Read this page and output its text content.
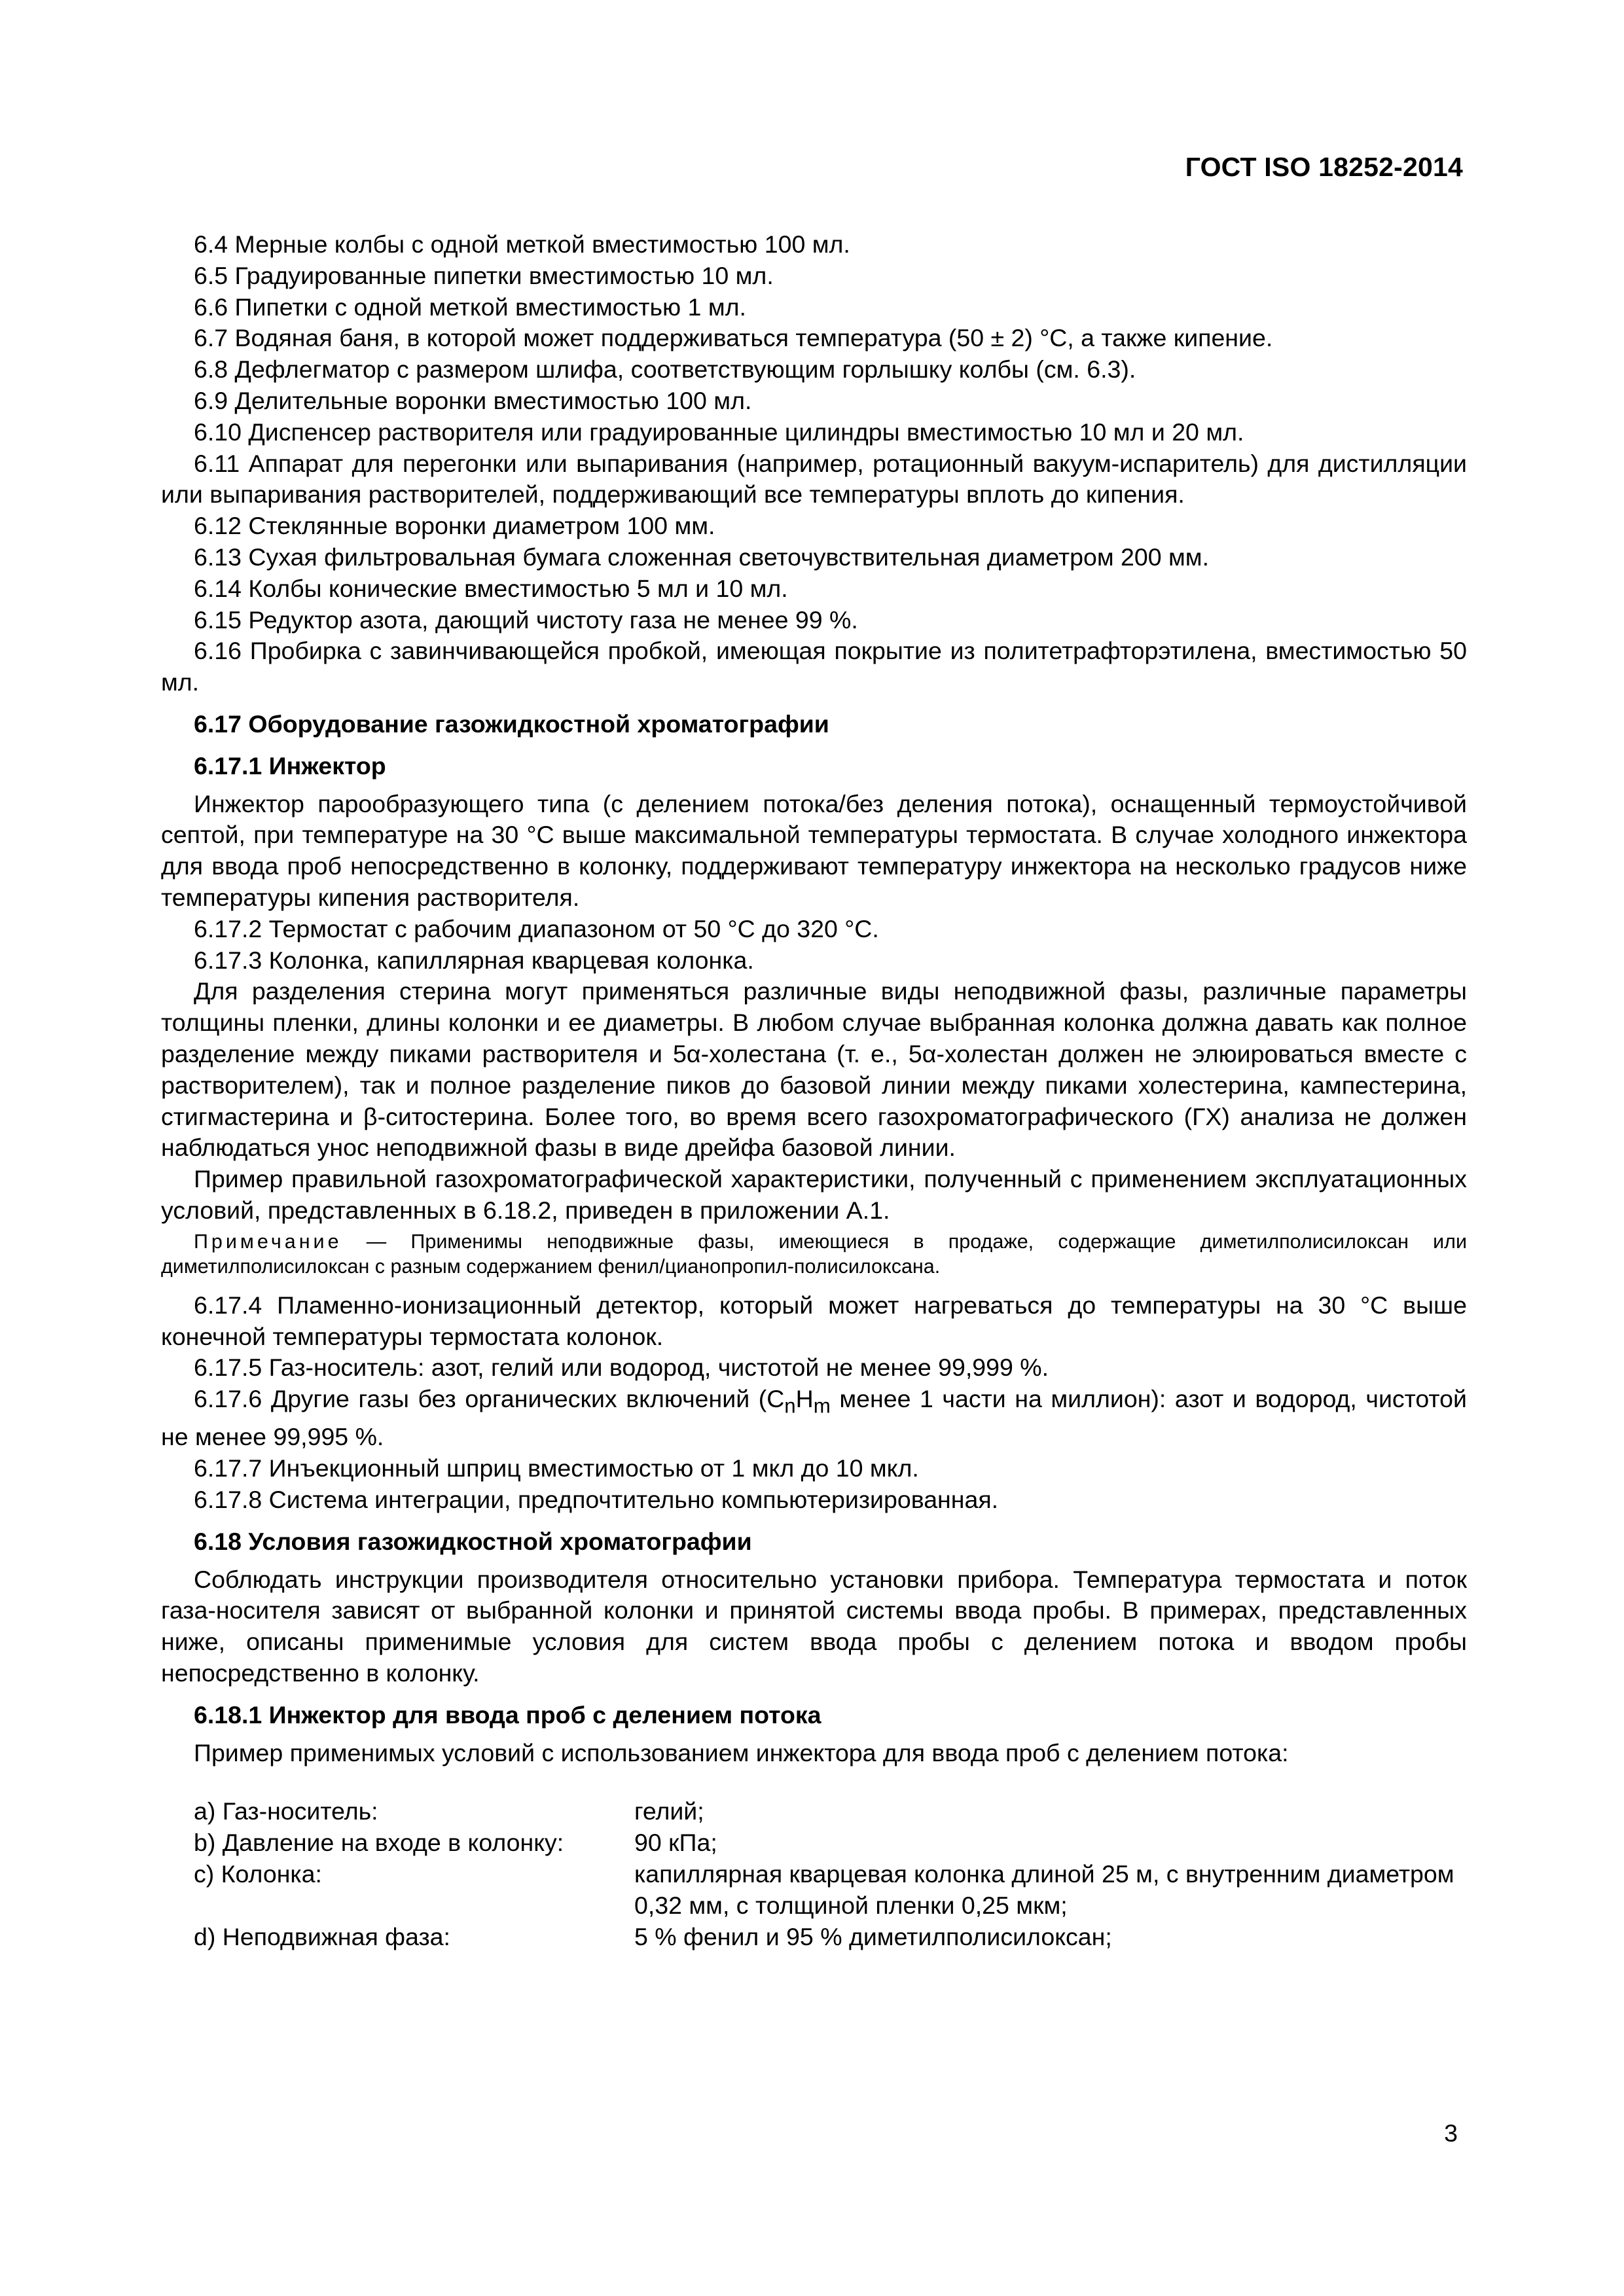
ГОСТ ISO 18252-2014

6.4 Мерные колбы с одной меткой вместимостью 100 мл.

6.5 Градуированные пипетки вместимостью 10 мл.

6.6 Пипетки с одной меткой вместимостью 1 мл.

6.7 Водяная баня, в которой может поддерживаться температура (50 ± 2) °C, а также кипение.

6.8 Дефлегматор с размером шлифа, соответствующим горлышку колбы (см. 6.3).

6.9 Делительные воронки вместимостью 100 мл.

6.10 Диспенсер растворителя или градуированные цилиндры вместимостью 10 мл и 20 мл.

6.11 Аппарат для перегонки или выпаривания (например, ротационный вакуум-испаритель) для дистилляции или выпаривания растворителей, поддерживающий все температуры вплоть до кипения.

6.12 Стеклянные воронки диаметром 100 мм.

6.13 Сухая фильтровальная бумага сложенная светочувствительная диаметром 200 мм.

6.14 Колбы конические вместимостью 5 мл и 10 мл.

6.15 Редуктор азота, дающий чистоту газа не менее 99 %.

6.16 Пробирка с завинчивающейся пробкой, имеющая покрытие из политетрафторэтилена, вместимостью 50 мл.

6.17 Оборудование газожидкостной хроматографии
6.17.1 Инжектор

Инжектор парообразующего типа (с делением потока/без деления потока), оснащенный термоустойчивой септой, при температуре на 30 °C выше максимальной температуры термостата. В случае холодного инжектора для ввода проб непосредственно в колонку, поддерживают температуру инжектора на несколько градусов ниже температуры кипения растворителя.

6.17.2 Термостат с рабочим диапазоном от 50 °C до 320 °C.

6.17.3 Колонка, капиллярная кварцевая колонка.

Для разделения стерина могут применяться различные виды неподвижной фазы, различные параметры толщины пленки, длины колонки и ее диаметры. В любом случае выбранная колонка должна давать как полное разделение между пиками растворителя и 5α-холестана (т. е., 5α-холестан должен не элюироваться вместе с растворителем), так и полное разделение пиков до базовой линии между пиками холестерина, кампестерина, стигмастерина и β-ситостерина. Более того, во время всего газохроматографического (ГХ) анализа не должен наблюдаться унос неподвижной фазы в виде дрейфа базовой линии.

Пример правильной газохроматографической характеристики, полученный с применением эксплуатационных условий, представленных в 6.18.2, приведен в приложении А.1.

Примечание — Применимы неподвижные фазы, имеющиеся в продаже, содержащие диметилполисилоксан или диметилполисилоксан с разным содержанием фенил/цианопропил-полисилоксана.

6.17.4 Пламенно-ионизационный детектор, который может нагреваться до температуры на 30 °C выше конечной температуры термостата колонок.

6.17.5 Газ-носитель: азот, гелий или водород, чистотой не менее 99,999 %.

6.17.6 Другие газы без органических включений ($C_nH_m$ менее 1 части на миллион): азот и водород, чистотой не менее 99,995 %.

6.17.7 Инъекционный шприц вместимостью от 1 мкл до 10 мкл.

6.17.8 Система интеграции, предпочтительно компьютеризированная.

6.18 Условия газожидкостной хроматографии

Соблюдать инструкции производителя относительно установки прибора. Температура термостата и поток газа-носителя зависят от выбранной колонки и принятой системы ввода пробы. В примерах, представленных ниже, описаны применимые условия для систем ввода пробы с делением потока и вводом пробы непосредственно в колонку.

6.18.1 Инжектор для ввода проб с делением потока

Пример применимых условий с использованием инжектора для ввода проб с делением потока:

a) Газ-носитель:	гелий;
b) Давление на входе в колонку:	90 кПа;
c) Колонка:	капиллярная кварцевая колонка длиной 25 м, с внутренним диаметром 0,32 мм, с толщиной пленки 0,25 мкм;
d) Неподвижная фаза:	5 % фенил и 95 % диметилполисилоксан;
3
